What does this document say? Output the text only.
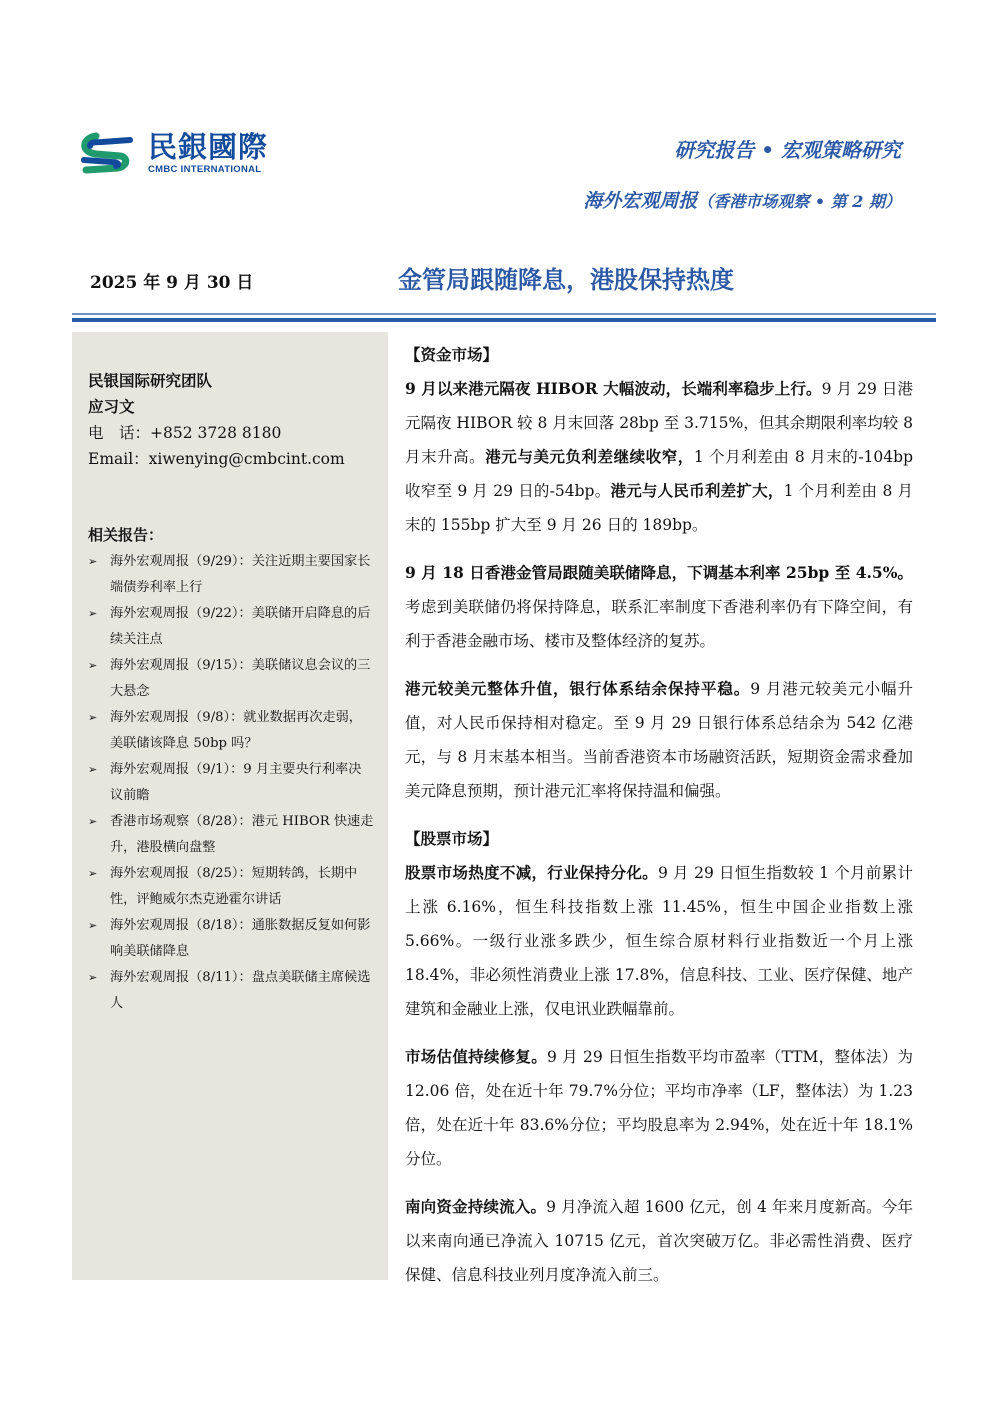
民銀國際
CMBC INTERNATIONAL
研究报告 • 宏观策略研究
海外宏观周报（香港市场观察 • 第 2 期）
2025 年 9 月 30 日	金管局跟随降息，港股保持热度
民银国际研究团队
应习文
电　话：+852 3728 8180
Email：xiwenying@cmbcint.com
相关报告：
➢ 海外宏观周报（9/29）：关注近期主要国家长端债券利率上行
➢ 海外宏观周报（9/22）：美联储开启降息的后续关注点
➢ 海外宏观周报（9/15）：美联储议息会议的三大悬念
➢ 海外宏观周报（9/8）：就业数据再次走弱，美联储该降息 50bp 吗？
➢ 海外宏观周报（9/1）：9 月主要央行利率决议前瞻
➢ 香港市场观察（8/28）：港元 HIBOR 快速走升，港股横向盘整
➢ 海外宏观周报（8/25）：短期转鸽，长期中性，评鲍威尔杰克逊霍尔讲话
➢ 海外宏观周报（8/18）：通胀数据反复如何影响美联储降息
➢ 海外宏观周报（8/11）：盘点美联储主席候选人

【资金市场】

9 月以来港元隔夜 HIBOR 大幅波动，长端利率稳步上行。9 月 29 日港元隔夜 HIBOR 较 8 月末回落 28bp 至 3.715%，但其余期限利率均较 8 月末升高。港元与美元负利差继续收窄，1 个月利差由 8 月末的-104bp 收窄至 9 月 29 日的-54bp。港元与人民币利差扩大，1 个月利差由 8 月末的 155bp 扩大至 9 月 26 日的 189bp。

9 月 18 日香港金管局跟随美联储降息，下调基本利率 25bp 至 4.5%。考虑到美联储仍将保持降息，联系汇率制度下香港利率仍有下降空间，有利于香港金融市场、楼市及整体经济的复苏。

港元较美元整体升值，银行体系结余保持平稳。9 月港元较美元小幅升值，对人民币保持相对稳定。至 9 月 29 日银行体系总结余为 542 亿港元，与 8 月末基本相当。当前香港资本市场融资活跃，短期资金需求叠加美元降息预期，预计港元汇率将保持温和偏强。

【股票市场】

股票市场热度不减，行业保持分化。9 月 29 日恒生指数较 1 个月前累计上涨 6.16%，恒生科技指数上涨 11.45%，恒生中国企业指数上涨 5.66%。一级行业涨多跌少，恒生综合原材料行业指数近一个月上涨 18.4%，非必须性消费业上涨 17.8%，信息科技、工业、医疗保健、地产建筑和金融业上涨，仅电讯业跌幅靠前。

市场估值持续修复。9 月 29 日恒生指数平均市盈率（TTM，整体法）为 12.06 倍，处在近十年 79.7%分位；平均市净率（LF，整体法）为 1.23 倍，处在近十年 83.6%分位；平均股息率为 2.94%，处在近十年 18.1%分位。

南向资金持续流入。9 月净流入超 1600 亿元，创 4 年来月度新高。今年以来南向通已净流入 10715 亿元，首次突破万亿。非必需性消费、医疗保健、信息科技业列月度净流入前三。
